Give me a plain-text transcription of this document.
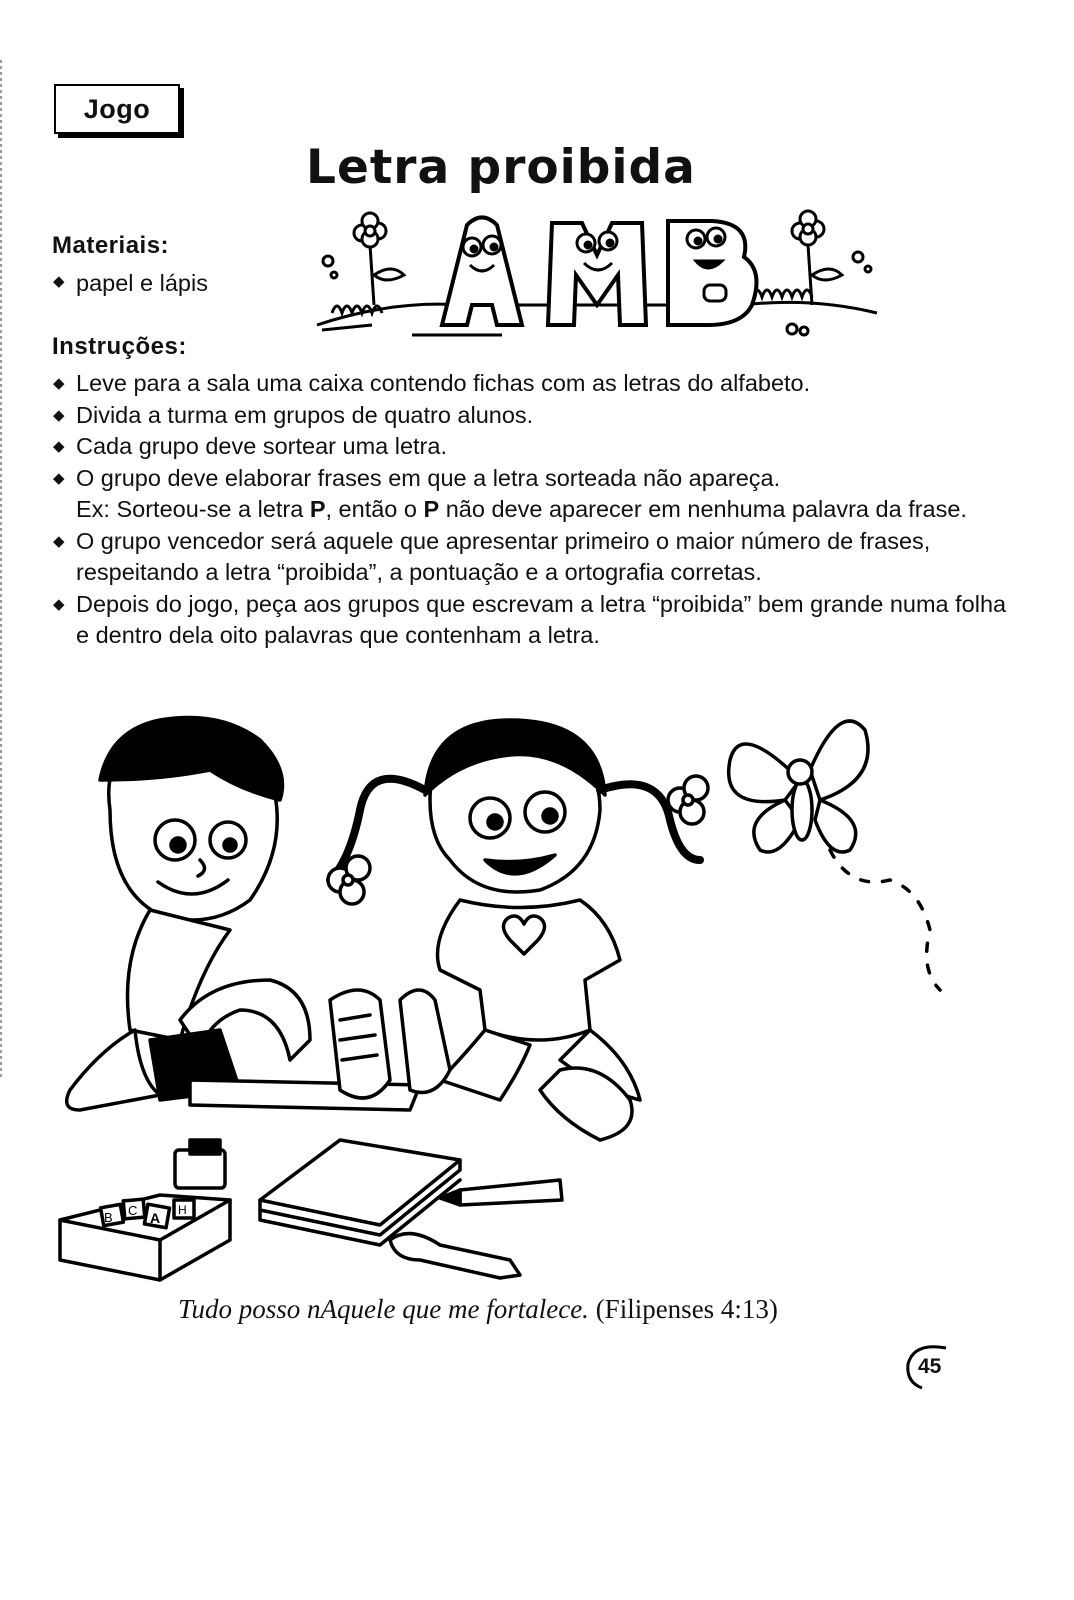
Jogo
Letra proibida
Materiais:
◆ papel e lápis
Instruções:
◆ Leve para a sala uma caixa contendo fichas com as letras do alfabeto.
◆ Divida a turma em grupos de quatro alunos.
◆ Cada grupo deve sortear uma letra.
◆ O grupo deve elaborar frases em que a letra sorteada não apareça.
Ex: Sorteou-se a letra P, então o P não deve aparecer em nenhuma palavra da frase.
◆ O grupo vencedor será aquele que apresentar primeiro o maior número de frases, respeitando a letra “proibida”, a pontuação e a ortografia corretas.
◆ Depois do jogo, peça aos grupos que escrevam a letra “proibida” bem grande numa folha e dentro dela oito palavras que contenham a letra.
B C A H
Tudo posso nAquele que me fortalece. (Filipenses 4:13)
45
